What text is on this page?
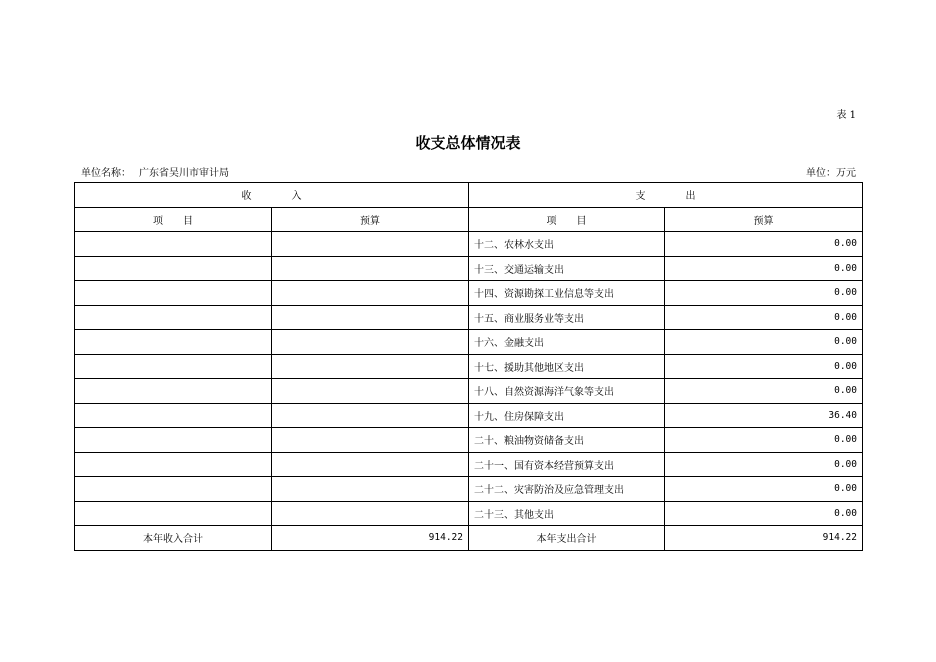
表 1
收支总体情况表
单位名称： 广东省吴川市审计局	单位：万元
收　　　　入		支　　　　出	
项　　目	预算	项　　目	预算
		十二、农林水支出	0.00
		十三、交通运输支出	0.00
		十四、资源勘探工业信息等支出	0.00
		十五、商业服务业等支出	0.00
		十六、金融支出	0.00
		十七、援助其他地区支出	0.00
		十八、自然资源海洋气象等支出	0.00
		十九、住房保障支出	36.40
		二十、粮油物资储备支出	0.00
		二十一、国有资本经营预算支出	0.00
		二十二、灾害防治及应急管理支出	0.00
		二十三、其他支出	0.00
本年收入合计	914.22	本年支出合计	914.22
